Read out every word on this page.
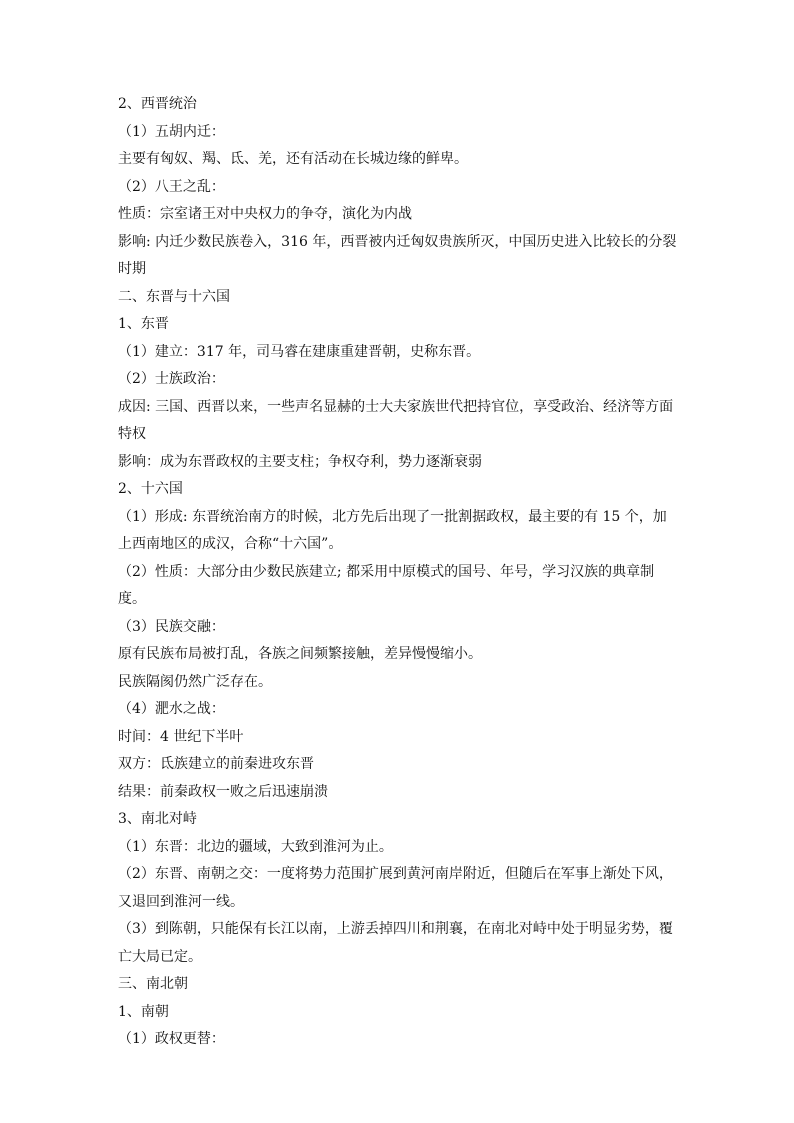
2、西晋统治

（1）五胡内迁：

主要有匈奴、羯、氐、羌，还有活动在长城边缘的鲜卑。

（2）八王之乱：

性质：宗室诸王对中央权力的争夺，演化为内战

影响: 内迁少数民族卷入，316 年，西晋被内迁匈奴贵族所灭，中国历史进入比较长的分裂时期

二、东晋与十六国

1、东晋

（1）建立：317 年，司马睿在建康重建晋朝，史称东晋。

（2）士族政治：

成因: 三国、西晋以来，一些声名显赫的士大夫家族世代把持官位，享受政治、经济等方面特权

影响：成为东晋政权的主要支柱；争权夺利，势力逐渐衰弱

2、十六国

（1）形成: 东晋统治南方的时候，北方先后出现了一批割据政权，最主要的有 15 个，加上西南地区的成汉，合称“十六国”。

（2）性质：大部分由少数民族建立; 都采用中原模式的国号、年号，学习汉族的典章制度。

（3）民族交融：

原有民族布局被打乱，各族之间频繁接触，差异慢慢缩小。

民族隔阂仍然广泛存在。

（4）淝水之战：

时间：4 世纪下半叶

双方：氐族建立的前秦进攻东晋

结果：前秦政权一败之后迅速崩溃

3、南北对峙

（1）东晋：北边的疆域，大致到淮河为止。

（2）东晋、南朝之交：一度将势力范围扩展到黄河南岸附近，但随后在军事上渐处下风，又退回到淮河一线。

（3）到陈朝，只能保有长江以南，上游丢掉四川和荆襄，在南北对峙中处于明显劣势，覆亡大局已定。

三、南北朝

1、南朝

（1）政权更替：
